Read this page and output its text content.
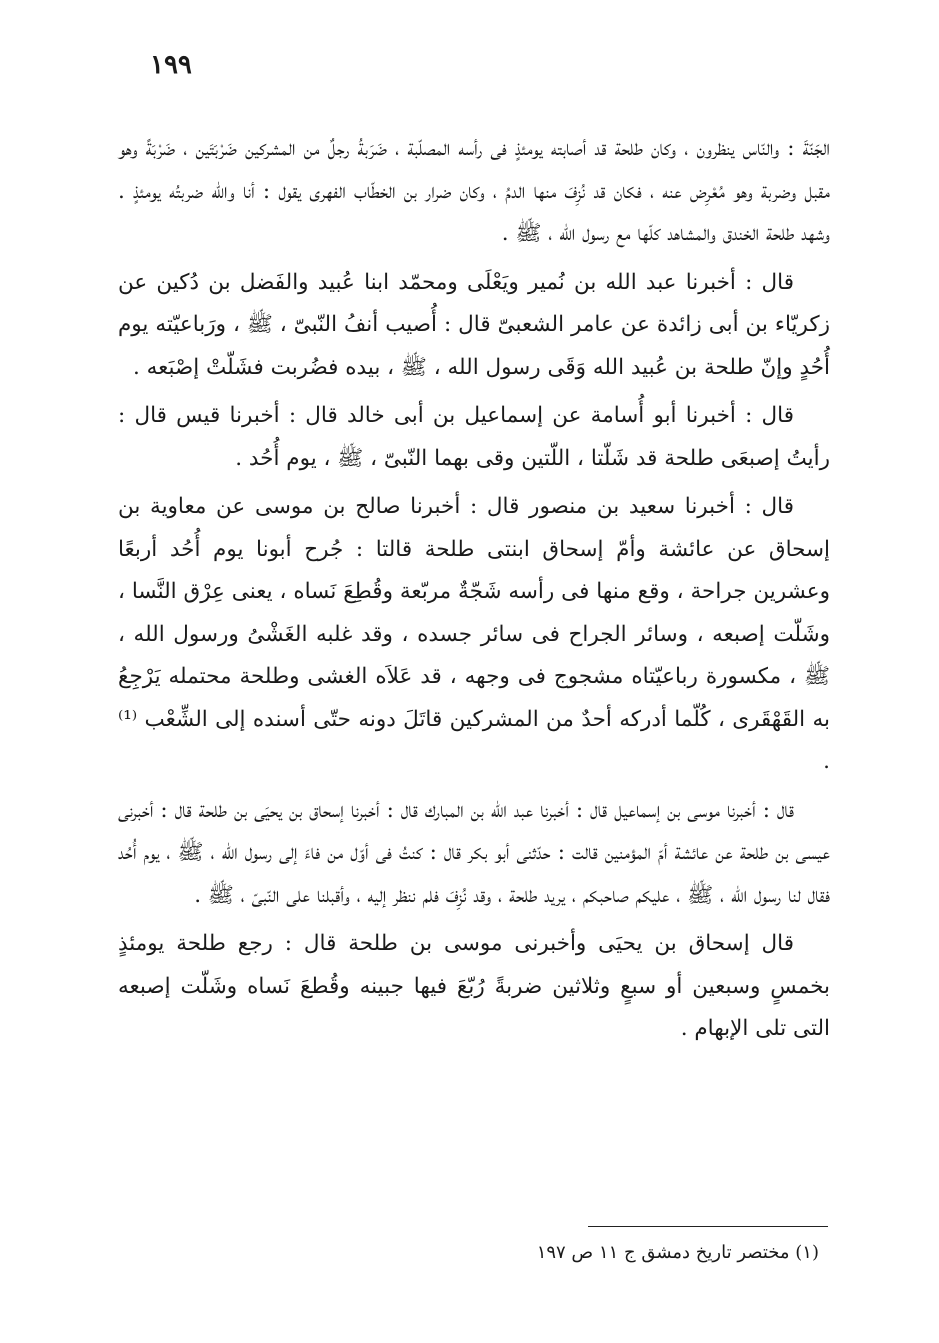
١٩٩

الجَنّةَ : والنّاس ينظرون ، وكان طلحة قد أصابته يومئذٍ فى رأسه المصلّبة ، ضَرَبةُ رجلٌ من المشركين ضَرْبَتَين ، ضَرْبَةً وهو مقبل وضربة وهو مُعْرِض عنه ، فكان قد نُزِفَ منها الدمُ ، وكان ضرار بن الخطّاب الفهرى يقول : أنا والله ضربتُه يومئذٍ . وشهد طلحة الخندق والمشاهد كلّها مع رسول الله ، ﷺ .

قال : أخبرنا عبد الله بن نُمير ويَعْلَى ومحمّد ابنا عُبيد والفَضل بن دُكين عن زكريّاء بن أبى زائدة عن عامر الشعبىّ قال : أُصيب أنفُ النّبىّ ، ﷺ ، ورَباعيّته يوم أُحُدٍ وإنّ طلحة بن عُبيد الله وَقَى رسول الله ، ﷺ ، بيده فضُربت فشَلّتْ إصْبَعه .

قال : أخبرنا أبو أُسامة عن إسماعيل بن أبى خالد قال : أخبرنا قيس قال : رأيتُ إصبعَى طلحة قد شَلّتا ، اللّتين وقى بهما النّبىّ ، ﷺ ، يوم أُحُد .

قال : أخبرنا سعيد بن منصور قال : أخبرنا صالح بن موسى عن معاوية بن إسحاق عن عائشة وأمّ إسحاق ابنتى طلحة قالتا : جُرح أبونا يوم أُحُد أربعًا وعشرين جراحة ، وقع منها فى رأسه شَجّةٌ مربّعة وقُطِعَ نَساه ، يعنى عِرْق النَّسا ، وشَلّت إصبعه ، وسائر الجراح فى سائر جسده ، وقد غلبه الغَشْىُ ورسول الله ، ﷺ ، مكسورة رباعيّتاه مشجوج فى وجهه ، قد عَلاَه الغشى وطلحة محتمله يَرْجِعُ به القَهْقَرى ، كُلّما أدركه أحدٌ من المشركين قاتَلَ دونه حتّى أسنده إلى الشِّعْب ⁽¹⁾ .

قال : أخبرنا موسى بن إسماعيل قال : أخبرنا عبد الله بن المبارك قال : أخبرنا إسحاق بن يحيَى بن طلحة قال : أخبرنى عيسى بن طلحة عن عائشة أمّ المؤمنين قالت : حدّثنى أبو بكر قال : كنتُ فى أوّل من فاءَ إلى رسول الله ، ﷺ ، يوم أُحُد فقال لنا رسول الله ، ﷺ ، عليكم صاحبكم ، يريد طلحة ، وقد نُزِفَ فلم ننظر إليه ، وأقبلنا على النّبىّ ، ﷺ .

قال إسحاق بن يحيَى وأخبرنى موسى بن طلحة قال : رجع طلحة يومئذٍ بخمسٍ وسبعين أو سبعٍ وثلاثين ضربةً رُبّعَ فيها جبينه وقُطعَ نَساه وشَلّت إصبعه التى تلى الإبهام .

(١) مختصر تاريخ دمشق ج ١١ ص ١٩٧
